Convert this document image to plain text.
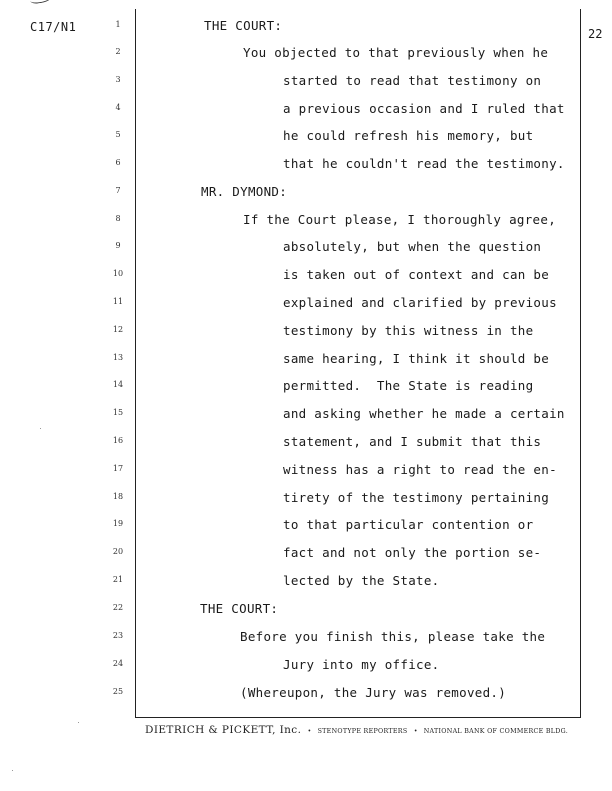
C17/N1	22
1	THE COURT:
2	You objected to that previously when he
3	started to read that testimony on
4	a previous occasion and I ruled that
5	he could refresh his memory, but
6	that he couldn't read the testimony.
7	MR. DYMOND:
8	If the Court please, I thoroughly agree,
9	absolutely, but when the question
10	is taken out of context and can be
11	explained and clarified by previous
12	testimony by this witness in the
13	same hearing, I think it should be
14	permitted.  The State is reading
15	and asking whether he made a certain
16	statement, and I submit that this
17	witness has a right to read the en-
18	tirety of the testimony pertaining
19	to that particular contention or
20	fact and not only the portion se-
21	lected by the State.
22	THE COURT:
23	Before you finish this, please take the
24	Jury into my office.
25	(Whereupon, the Jury was removed.)
DIETRICH & PICKETT, Inc. • STENOTYPE REPORTERS • NATIONAL BANK OF COMMERCE BLDG.
